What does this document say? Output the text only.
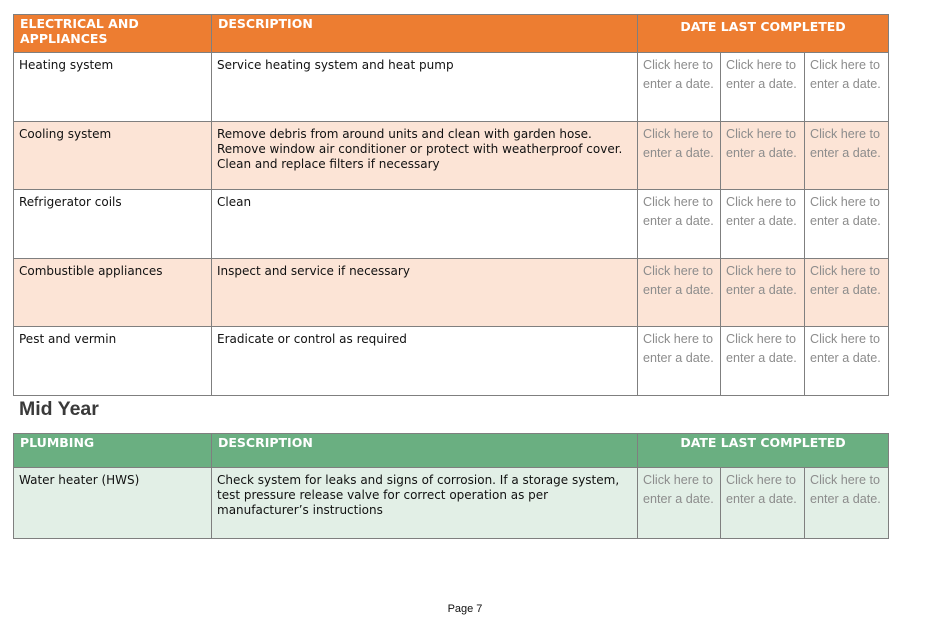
ELECTRICAL AND APPLIANCES	DESCRIPTION	DATE LAST COMPLETED		
Heating system	Service heating system and heat pump	Click here to enter a date.	Click here to enter a date.	Click here to enter a date.
Cooling system	Remove debris from around units and clean with garden hose. Remove window air conditioner or protect with weatherproof cover. Clean and replace filters if necessary	Click here to enter a date.	Click here to enter a date.	Click here to enter a date.
Refrigerator coils	Clean	Click here to enter a date.	Click here to enter a date.	Click here to enter a date.
Combustible appliances	Inspect and service if necessary	Click here to enter a date.	Click here to enter a date.	Click here to enter a date.
Pest and vermin	Eradicate or control as required	Click here to enter a date.	Click here to enter a date.	Click here to enter a date.
Mid Year
PLUMBING	DESCRIPTION	DATE LAST COMPLETED		
Water heater (HWS)	Check system for leaks and signs of corrosion. If a storage system, test pressure release valve for correct operation as per manufacturer’s instructions	Click here to enter a date.	Click here to enter a date.	Click here to enter a date.
Page 7
